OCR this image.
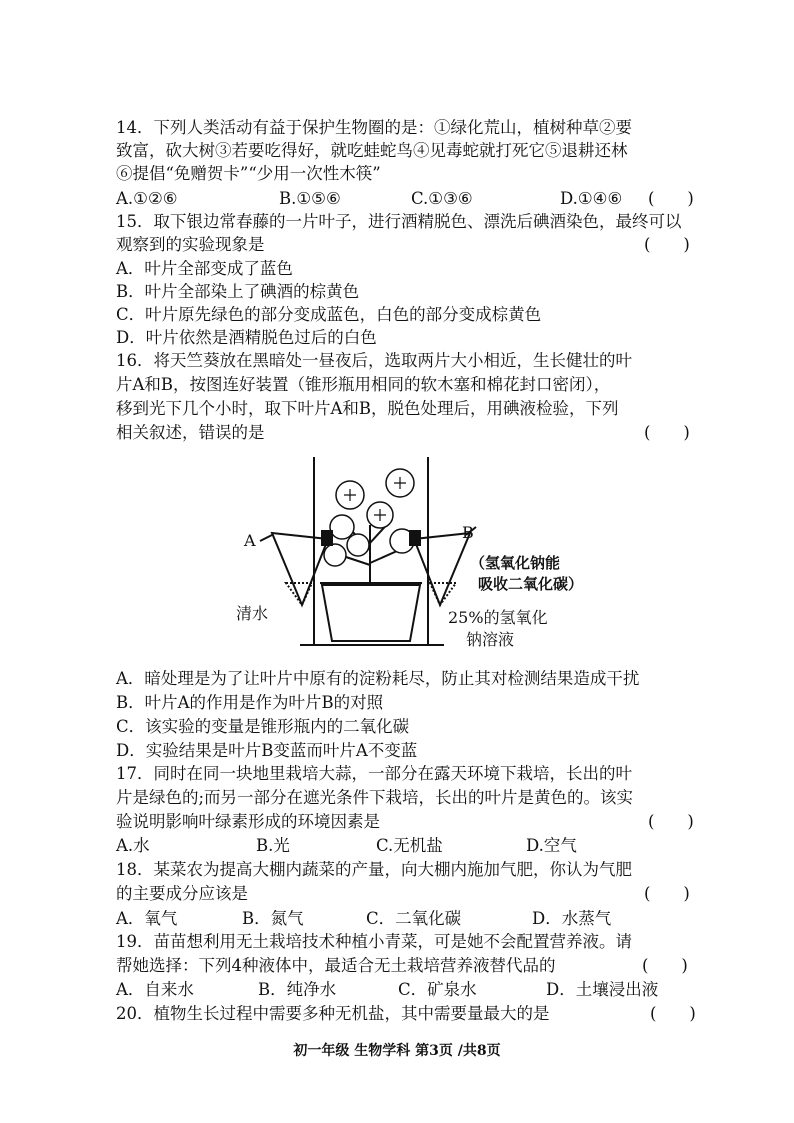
14．下列人类活动有益于保护生物圈的是：①绿化荒山，植树种草②要
致富，砍大树③若要吃得好，就吃蛙蛇鸟④见毒蛇就打死它⑤退耕还林
⑥提倡“免赠贺卡”“少用一次性木筷”
A.①②⑥	B.①⑤⑥	C.①③⑥	D.①④⑥ (　　)
15．取下银边常春藤的一片叶子，进行酒精脱色、漂洗后碘酒染色，最终可以
观察到的实验现象是	(　　)
A．叶片全部变成了蓝色
B．叶片全部染上了碘酒的棕黄色
C．叶片原先绿色的部分变成蓝色，白色的部分变成棕黄色
D．叶片依然是酒精脱色过后的白色
16．将天竺葵放在黑暗处一昼夜后，选取两片大小相近，生长健壮的叶
片A和B，按图连好装置（锥形瓶用相同的软木塞和棉花封口密闭），
移到光下几个小时，取下叶片A和B，脱色处理后，用碘液检验，下列
相关叙述，错误的是	(　　)
A	B
清水
（氢氧化钠能
吸收二氧化碳）
25%的氢氧化
钠溶液
A．暗处理是为了让叶片中原有的淀粉耗尽，防止其对检测结果造成干扰
B．叶片A的作用是作为叶片B的对照
C．该实验的变量是锥形瓶内的二氧化碳
D．实验结果是叶片B变蓝而叶片A不变蓝
17．同时在同一块地里栽培大蒜，一部分在露天环境下栽培，长出的叶
片是绿色的;而另一部分在遮光条件下栽培，长出的叶片是黄色的。该实
验说明影响叶绿素形成的环境因素是	(　　)
A.水	B.光	C.无机盐	D.空气
18．某菜农为提高大棚内蔬菜的产量，向大棚内施加气肥，你认为气肥
的主要成分应该是	(　　)
A．氧气	B．氮气	C．二氧化碳	D．水蒸气
19．苗苗想利用无土栽培技术种植小青菜，可是她不会配置营养液。请
帮她选择：下列4种液体中，最适合无土栽培营养液替代品的	(　　)
A．自来水	B．纯净水	C．矿泉水	D．土壤浸出液
20．植物生长过程中需要多种无机盐，其中需要量最大的是	(　　)
初一年级 生物学科 第3页 /共8页
